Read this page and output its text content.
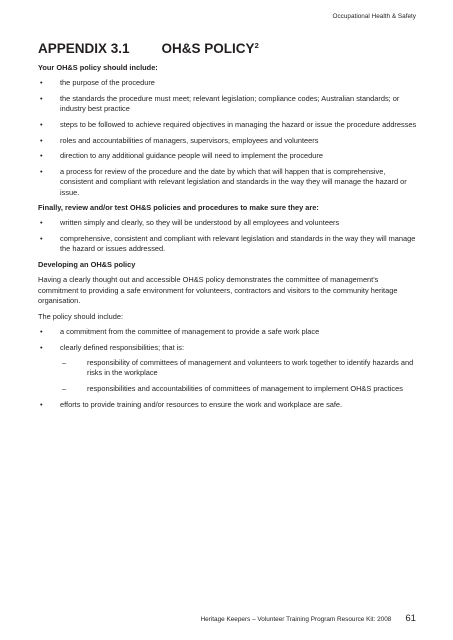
Occupational Health & Safety
APPENDIX 3.1 OH&S POLICY$^2$

Your OH&S policy should include:

• the purpose of the procedure
• the standards the procedure must meet; relevant legislation; compliance codes; Australian standards; or industry best practice
• steps to be followed to achieve required objectives in managing the hazard or issue the procedure addresses
• roles and accountabilities of managers, supervisors, employees and volunteers
• direction to any additional guidance people will need to implement the procedure
• a process for review of the procedure and the date by which that will happen that is comprehensive, consistent and compliant with relevant legislation and standards in the way they will manage the hazard or issue.

Finally, review and/or test OH&S policies and procedures to make sure they are:

• written simply and clearly, so they will be understood by all employees and volunteers
• comprehensive, consistent and compliant with relevant legislation and standards in the way they will manage the hazard or issues addressed.

Developing an OH&S policy

Having a clearly thought out and accessible OH&S policy demonstrates the committee of management's commitment to providing a safe environment for volunteers, contractors and visitors to the community heritage organisation.

The policy should include:

• a commitment from the committee of management to provide a safe work place
• clearly defined responsibilities; that is:
–	responsibility of committees of management and volunteers to work together to identify hazards and risks in the workplace
–	responsibilities and accountabilities of committees of management to implement OH&S practices
• efforts to provide training and/or resources to ensure the work and workplace are safe.
Heritage Keepers – Volunteer Training Program Resource Kit: 2008 61
